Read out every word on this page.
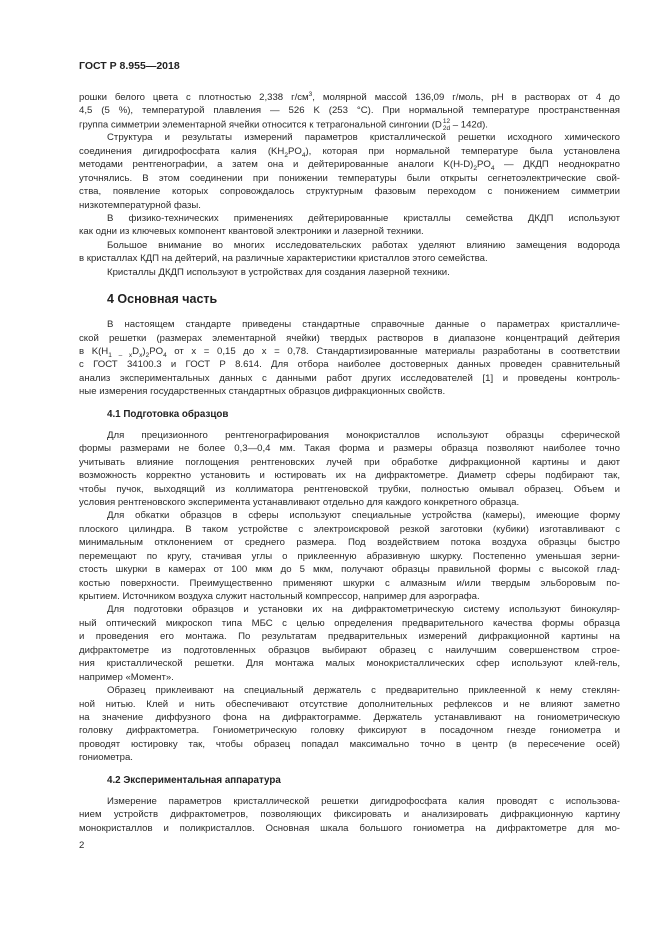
ГОСТ Р 8.955—2018
рошки белого цвета с плотностью 2,338 $г/см^3$, молярной массой 136,09 г/моль, pH в растворах от 4 до
4,5 (5 %), температурой плавления — 526 K (253 °C). При нормальной температуре пространственная
группа симметрии элементарной ячейки относится к тетрагональной сингонии (D 12
2d – 142d).
Структура и результаты измерений параметров кристаллической решетки исходного химического
соединения дигидрофосфата калия $(KH_2PO_4)$, которая при нормальной температуре была установлена
методами рентгенографии, а затем она и дейтерированные аналоги $K(H-D)_2PO_4$ — ДКДП неоднократно
уточнялись. В этом соединении при понижении температуры были открыты сегнетоэлектрические свой-
ства, появление которых сопровождалось структурным фазовым переходом с понижением симметрии
низкотемпературной фазы.
В физико-технических применениях дейтерированные кристаллы семейства ДКДП используют
как одни из ключевых компонент квантовой электроники и лазерной техники.
Большое внимание во многих исследовательских работах уделяют влиянию замещения водорода
в кристаллах КДП на дейтерий, на различные характеристики кристаллов этого семейства.
Кристаллы ДКДП используют в устройствах для создания лазерной техники.
4 Основная часть
В настоящем стандарте приведены стандартные справочные данные о параметрах кристалличе-
ской решетки (размерах элементарной ячейки) твердых растворов в диапазоне концентраций дейтерия
в $K(H_{1 - x}D_x)_2PO_4$ от x = 0,15 до x = 0,78. Стандартизированные материалы разработаны в соответствии
с ГОСТ 34100.3 и ГОСТ Р 8.614. Для отбора наиболее достоверных данных проведен сравнительный
анализ экспериментальных данных с данными работ других исследователей [1] и проведены контроль-
ные измерения государственных стандартных образцов дифракционных свойств.
4.1 Подготовка образцов
Для прецизионного рентгенографирования монокристаллов используют образцы сферической
формы размерами не более 0,3—0,4 мм. Такая форма и размеры образца позволяют наиболее точно
учитывать влияние поглощения рентгеновских лучей при обработке дифракционной картины и дают
возможность корректно установить и юстировать их на дифрактометре. Диаметр сферы подбирают так,
чтобы пучок, выходящий из коллиматора рентгеновской трубки, полностью омывал образец. Объем и
условия рентгеновского эксперимента устанавливают отдельно для каждого конкретного образца.
Для обкатки образцов в сферы используют специальные устройства (камеры), имеющие форму
плоского цилиндра. В таком устройстве с электроискровой резкой заготовки (кубики) изготавливают с
минимальным отклонением от среднего размера. Под воздействием потока воздуха образцы быстро
перемещают по кругу, стачивая углы о приклеенную абразивную шкурку. Постепенно уменьшая зерни-
стость шкурки в камерах от 100 мкм до 5 мкм, получают образцы правильной формы с высокой глад-
костью поверхности. Преимущественно применяют шкурки с алмазным и/или твердым эльборовым по-
крытием. Источником воздуха служит настольный компрессор, например для аэрографа.
Для подготовки образцов и установки их на дифрактометрическую систему используют бинокуляр-
ный оптический микроскоп типа МБС с целью определения предварительного качества формы образца
и проведения его монтажа. По результатам предварительных измерений дифракционной картины на
дифрактометре из подготовленных образцов выбирают образец с наилучшим совершенством строе-
ния кристаллической решетки. Для монтажа малых монокристаллических сфер используют клей-гель,
например «Момент».
Образец приклеивают на специальный держатель с предварительно приклеенной к нему стеклян-
ной нитью. Клей и нить обеспечивают отсутствие дополнительных рефлексов и не влияют заметно
на значение диффузного фона на дифрактограмме. Держатель устанавливают на гониометрическую
головку дифрактометра. Гониометрическую головку фиксируют в посадочном гнезде гониометра и
проводят юстировку так, чтобы образец попадал максимально точно в центр (в пересечение осей)
гониометра.
4.2 Экспериментальная аппаратура
Измерение параметров кристаллической решетки дигидрофосфата калия проводят с использова-
нием устройств дифрактометров, позволяющих фиксировать и анализировать дифракционную картину
монокристаллов и поликристаллов. Основная шкала большого гониометра на дифрактометре для мо-
2
